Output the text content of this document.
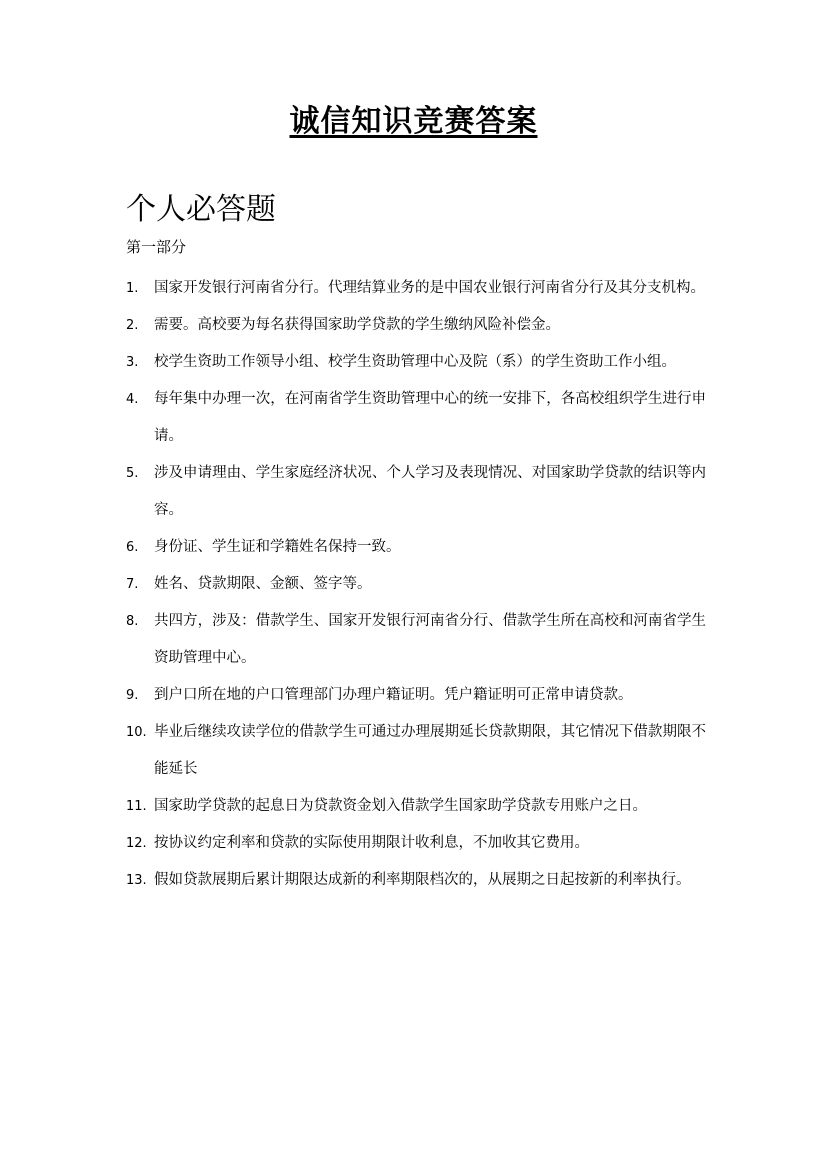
诚信知识竞赛答案
个人必答题
第一部分
1.	国家开发银行河南省分行。代理结算业务的是中国农业银行河南省分行及其分支机构。
2.	需要。高校要为每名获得国家助学贷款的学生缴纳风险补偿金。
3.	校学生资助工作领导小组、校学生资助管理中心及院（系）的学生资助工作小组。
4.	每年集中办理一次，在河南省学生资助管理中心的统一安排下，各高校组织学生进行申请。
5.	涉及申请理由、学生家庭经济状况、个人学习及表现情况、对国家助学贷款的结识等内容。
6.	身份证、学生证和学籍姓名保持一致。
7.	姓名、贷款期限、金额、签字等。
8.	共四方，涉及：借款学生、国家开发银行河南省分行、借款学生所在高校和河南省学生资助管理中心。
9.	到户口所在地的户口管理部门办理户籍证明。凭户籍证明可正常申请贷款。
10. 毕业后继续攻读学位的借款学生可通过办理展期延长贷款期限，其它情况下借款期限不能延长
11. 国家助学贷款的起息日为贷款资金划入借款学生国家助学贷款专用账户之日。
12. 按协议约定利率和贷款的实际使用期限计收利息，不加收其它费用。
13. 假如贷款展期后累计期限达成新的利率期限档次的，从展期之日起按新的利率执行。
